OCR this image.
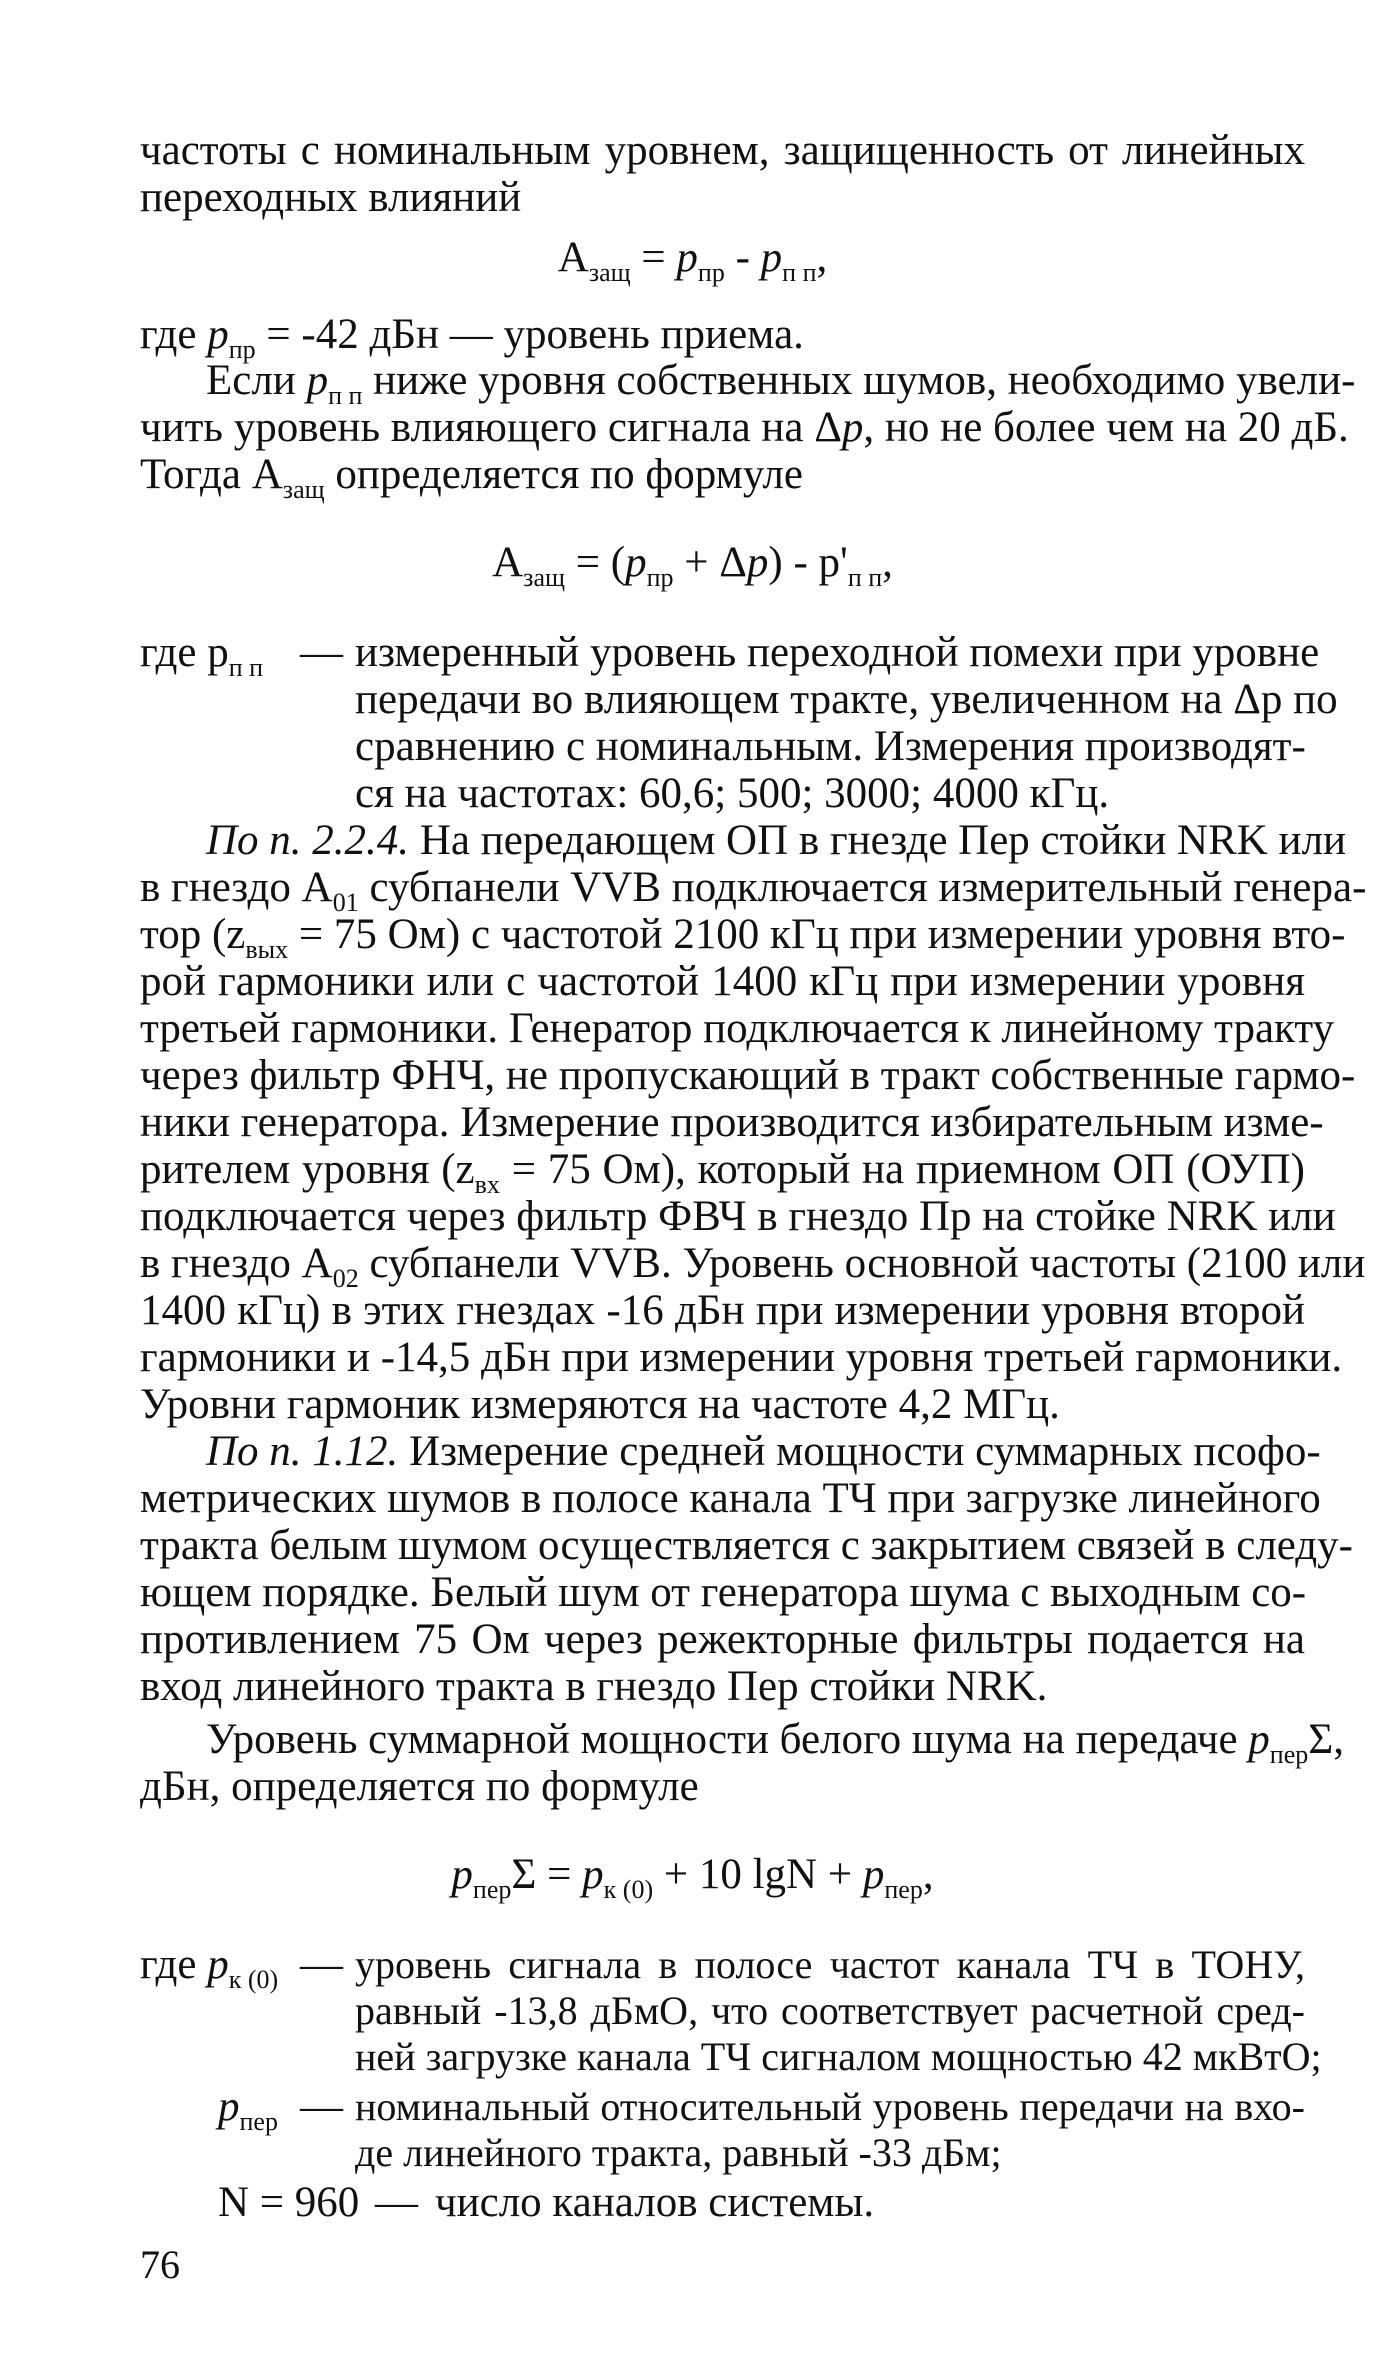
частоты с номинальным уровнем, защищенность от линейных
переходных влияний
$А_{защ} = p_{пр} - p_{п п}$,
где $p_{пр} = -42$ дБн — уровень приема.
Если $p_{п п}$ ниже уровня собственных шумов, необходимо увели-
чить уровень влияющего сигнала на Δp, но не более чем на 20 дБ.
Тогда $А_{защ}$ определяется по формуле
$А_{защ} = (p_{пр} + \Delta p) - p'_{п п}$,
где $p_{п п}$ — измеренный уровень переходной помехи при уровне
передачи во влияющем тракте, увеличенном на Δp по
сравнению с номинальным. Измерения производят-
ся на частотах: 60,6; 500; 3000; 4000 кГц.
По п. 2.2.4. На передающем ОП в гнезде Пер стойки NRK или
в гнездо $А_{01}$ субпанели VVB подключается измерительный генера-
тор ($z_{вых} = 75$ Ом) с частотой 2100 кГц при измерении уровня вто-
рой гармоники или с частотой 1400 кГц при измерении уровня
третьей гармоники. Генератор подключается к линейному тракту
через фильтр ФНЧ, не пропускающий в тракт собственные гармо-
ники генератора. Измерение производится избирательным изме-
рителем уровня ($z_{вх} = 75$ Ом), который на приемном ОП (ОУП)
подключается через фильтр ФВЧ в гнездо Пр на стойке NRK или
в гнездо $А_{02}$ субпанели VVB. Уровень основной частоты (2100 или
1400 кГц) в этих гнездах -16 дБн при измерении уровня второй
гармоники и -14,5 дБн при измерении уровня третьей гармоники.
Уровни гармоник измеряются на частоте 4,2 МГц.
По п. 1.12. Измерение средней мощности суммарных псофо-
метрических шумов в полосе канала ТЧ при загрузке линейного
тракта белым шумом осуществляется с закрытием связей в следу-
ющем порядке. Белый шум от генератора шума с выходным со-
противлением 75 Ом через режекторные фильтры подается на
вход линейного тракта в гнездо Пер стойки NRK.
Уровень суммарной мощности белого шума на передаче $p_{пер}\Sigma$,
дБн, определяется по формуле
$p_{пер}\Sigma = p_{к (0)} + 10$ $\lg N + p_{пер}$,
где $p_{к (0)}$ — уровень сигнала в полосе частот канала ТЧ в ТОНУ,
равный -13,8 дБмО, что соответствует расчетной сред-
ней загрузке канала ТЧ сигналом мощностью 42 мкВтО;
$p_{пер}$ — номинальный относительный уровень передачи на вхо-
де линейного тракта, равный -33 дБм;
N = 960 — число каналов системы.
76
